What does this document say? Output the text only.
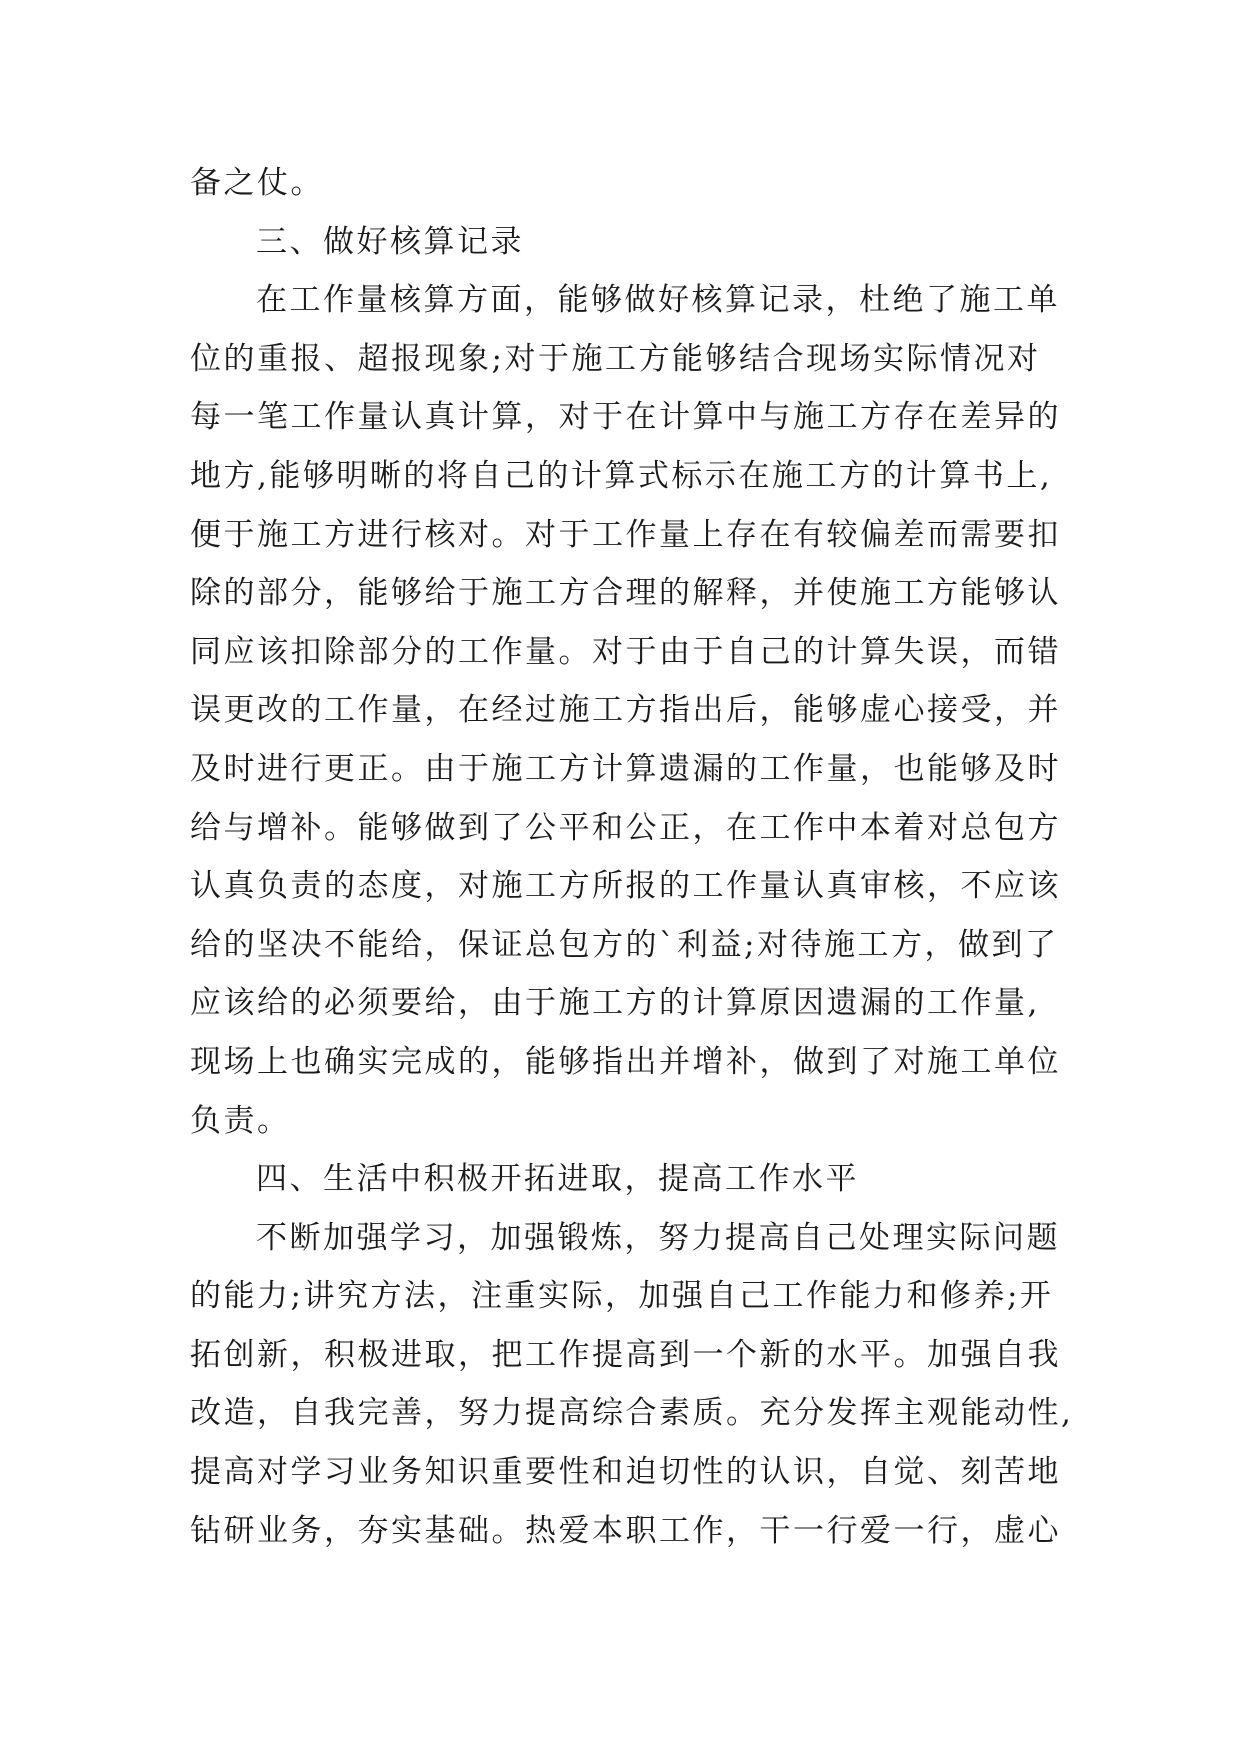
备之仗。
三、做好核算记录
在工作量核算方面，能够做好核算记录，杜绝了施工单
位的重报、超报现象;对于施工方能够结合现场实际情况对
每一笔工作量认真计算，对于在计算中与施工方存在差异的
地方,能够明晰的将自己的计算式标示在施工方的计算书上,
便于施工方进行核对。对于工作量上存在有较偏差而需要扣
除的部分，能够给于施工方合理的解释，并使施工方能够认
同应该扣除部分的工作量。对于由于自己的计算失误，而错
误更改的工作量，在经过施工方指出后，能够虚心接受，并
及时进行更正。由于施工方计算遗漏的工作量，也能够及时
给与增补。能够做到了公平和公正，在工作中本着对总包方
认真负责的态度，对施工方所报的工作量认真审核，不应该
给的坚决不能给，保证总包方的`利益;对待施工方，做到了
应该给的必须要给，由于施工方的计算原因遗漏的工作量,
现场上也确实完成的，能够指出并增补，做到了对施工单位
负责。
四、生活中积极开拓进取，提高工作水平
不断加强学习，加强锻炼，努力提高自己处理实际问题
的能力;讲究方法，注重实际，加强自己工作能力和修养;开
拓创新，积极进取，把工作提高到一个新的水平。加强自我
改造，自我完善，努力提高综合素质。充分发挥主观能动性,
提高对学习业务知识重要性和迫切性的认识，自觉、刻苦地
钻研业务，夯实基础。热爱本职工作，干一行爱一行，虚心
